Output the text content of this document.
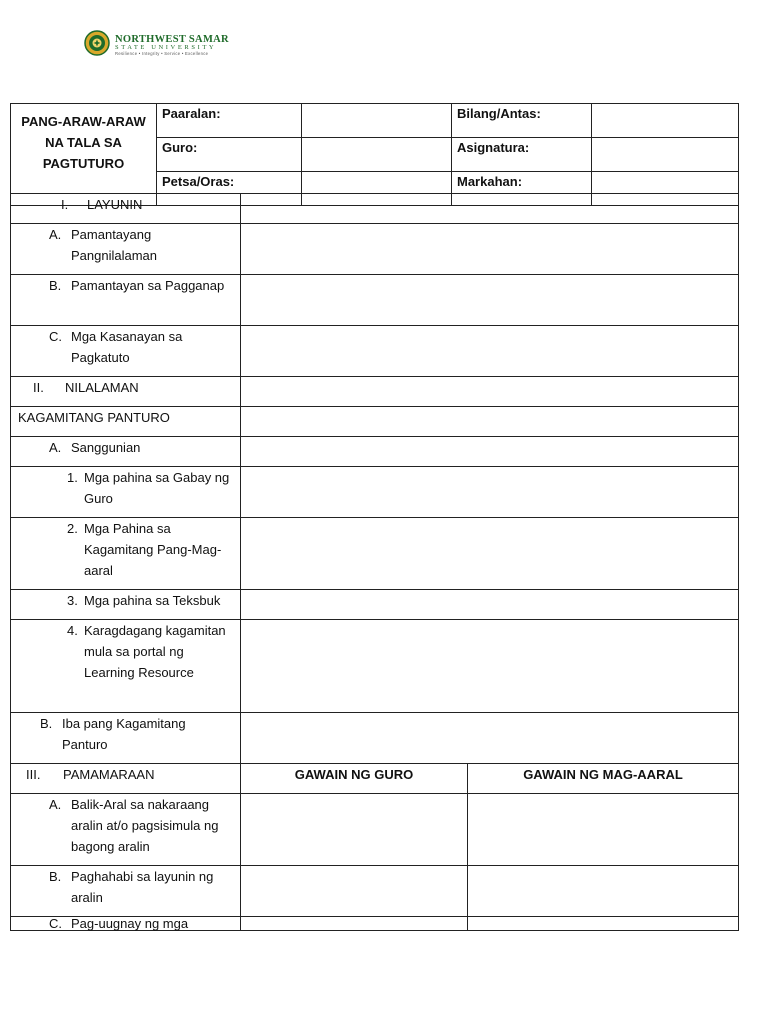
NORTHWEST SAMAR
STATE UNIVERSITY
Resilience • Integrity • Service • Excellence
PANG-ARAW-ARAW NA TALA SA PAGTUTURO	Paaralan:		Bilang/Antas:	
	Guro:		Asignatura:	
	Petsa/Oras:		Markahan:	
I. LAYUNIN		

A. Pamantayang Pangnilalaman		

B. Pamantayan sa Pagganap		

C. Mga Kasanayan sa Pagkatuto		

II. NILALAMAN		

KAGAMITANG PANTURO		

A. Sanggunian		

1. Mga pahina sa Gabay ng Guro		

2. Mga Pahina sa Kagamitang Pang-Mag-aaral		

3. Mga pahina sa Teksbuk		

4. Karagdagang kagamitan mula sa portal ng Learning Resource		

B. Iba pang Kagamitang Panturo		

III. PAMAMARAAN	GAWAIN NG GURO	GAWAIN NG MAG-AARAL

A. Balik-Aral sa nakaraang aralin at/o pagsisimula ng bagong aralin		

B. Paghahabi sa layunin ng aralin		

C. Pag-uugnay ng mga		
